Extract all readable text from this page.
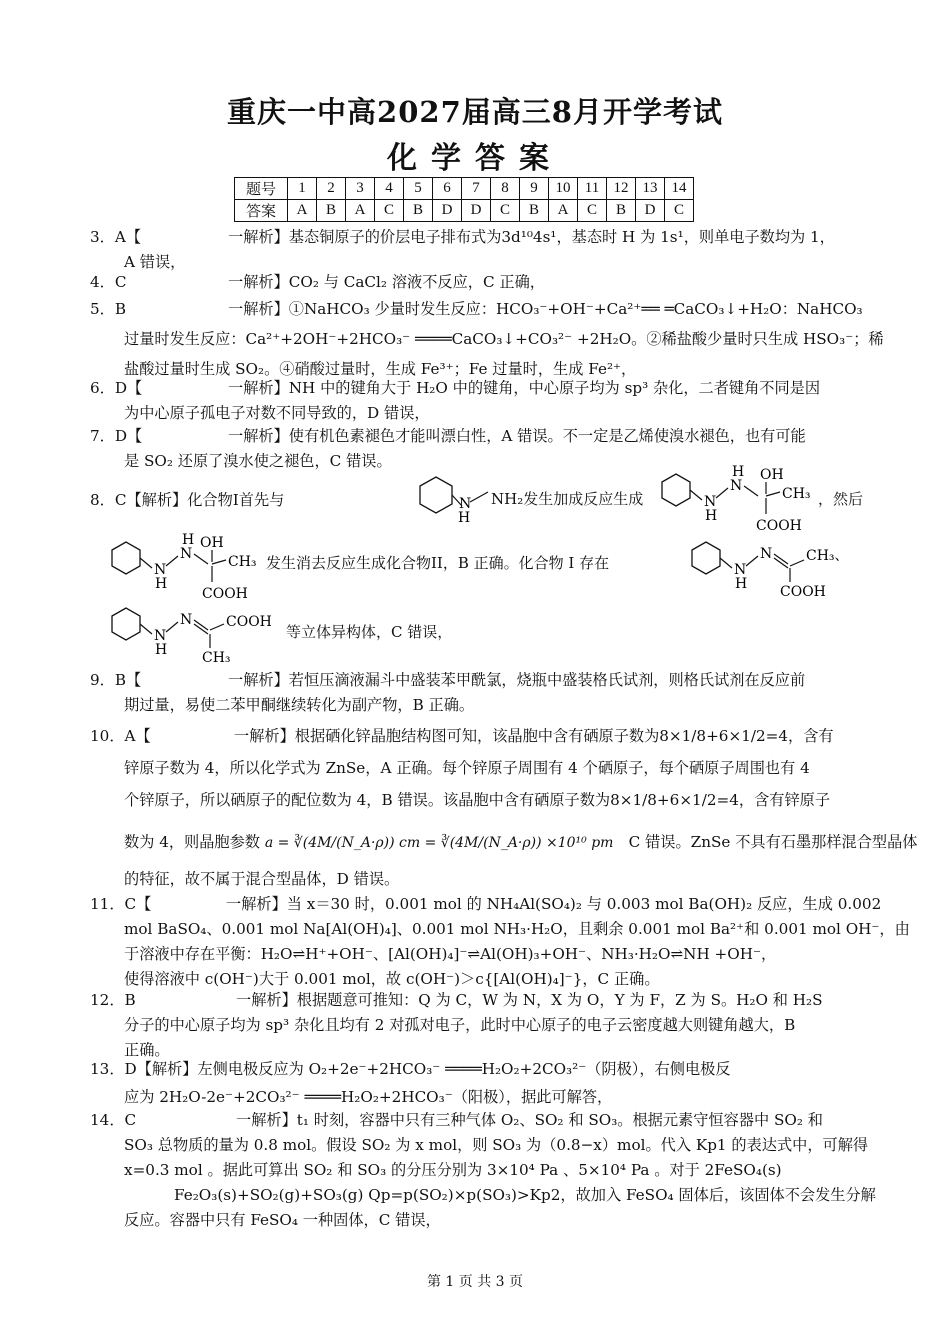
重庆一中高2027届高三8月开学考试
化学答案
题号	1	2	3	4	5	6	7	8	9	10	11	12	13	14
答案	A	B	A	C	B	D	D	C	B	A	C	B	D	C
3．A【	一解析】基态铜原子的价层电子排布式为3d¹⁰4s¹，基态时 H 为 1s¹，则单电子数均为 1，
A 错误，
4．C	一解析】CO₂ 与 CaCl₂ 溶液不反应，C 正确，
5．B	一解析】①NaHCO₃ 少量时发生反应：HCO₃⁻+OH⁻+Ca²⁺══ ═CaCO₃↓+H₂O：NaHCO₃
过量时发生反应：Ca²⁺+2OH⁻+2HCO₃⁻ ════CaCO₃↓+CO₃²⁻ +2H₂O。②稀盐酸少量时只生成 HSO₃⁻；稀
盐酸过量时生成 SO₂。④硝酸过量时，生成 Fe³⁺；Fe 过量时，生成 Fe²⁺，
6．D【	一解析】NH 中的键角大于 H₂O 中的键角，中心原子均为 sp³ 杂化，二者键角不同是因
为中心原子孤电子对数不同导致的，D 错误，
7．D【	一解析】使有机色素褪色才能叫漂白性，A 错误。不一定是乙烯使溴水褪色，也有可能
是 SO₂ 还原了溴水使之褪色，C 错误。
8．C【解析】化合物I首先与	NH₂发生加成反应生成	，然后
发生消去反应生成化合物II，B 正确。化合物 I 存在
等立体异构体，C 错误，
H
N	N
H
N
H OH
CH₃
COOH
N
H
N
H OH
CH₃
COOH
N
H
N CH₃、
COOH
N
H
N COOH
CH₃
9．B【	一解析】若恒压滴液漏斗中盛装苯甲酰氯，烧瓶中盛装格氏试剂，则格氏试剂在反应前
期过量，易使二苯甲酮继续转化为副产物，B 正确。
10．A【	一解析】根据硒化锌晶胞结构图可知，该晶胞中含有硒原子数为8×1/8+6×1/2=4，含有
锌原子数为 4，所以化学式为 ZnSe，A 正确。每个锌原子周围有 4 个硒原子，每个硒原子周围也有 4
个锌原子，所以硒原子的配位数为 4，B 错误。该晶胞中含有硒原子数为8×1/8+6×1/2=4，含有锌原子
数为 4，则晶胞参数 a = ∛(4M/(N_A·ρ)) cm = ∛(4M/(N_A·ρ)) ×10¹⁰ pm　 C 错误。ZnSe 不具有石墨那样混合型晶体
的特征，故不属于混合型晶体，D 错误。
11．C【	一解析】当 x＝30 时，0.001 mol 的 NH₄Al(SO₄)₂ 与 0.003 mol Ba(OH)₂ 反应，生成 0.002
mol BaSO₄、0.001 mol Na[Al(OH)₄]、0.001 mol NH₃·H₂O，且剩余 0.001 mol Ba²⁺和 0.001 mol OH⁻，由
于溶液中存在平衡：H₂O⇌H⁺+OH⁻、[Al(OH)₄]⁻⇌Al(OH)₃+OH⁻、NH₃·H₂O⇌NH +OH⁻，
使得溶液中 c(OH⁻)大于 0.001 mol，故 c(OH⁻)＞c{[Al(OH)₄]⁻}，C 正确。
12．B	一解析】根据题意可推知：Q 为 C，W 为 N，X 为 O，Y 为 F，Z 为 S。H₂O 和 H₂S
分子的中心原子均为 sp³ 杂化且均有 2 对孤对电子，此时中心原子的电子云密度越大则键角越大，B
正确。
13．D【解析】左侧电极反应为 O₂+2e⁻+2HCO₃⁻ ════H₂O₂+2CO₃²⁻（阴极），右侧电极反
应为 2H₂O-2e⁻+2CO₃²⁻ ════H₂O₂+2HCO₃⁻（阳极），据此可解答，
14．C	一解析】t₁ 时刻，容器中只有三种气体 O₂、SO₂ 和 SO₃。根据元素守恒容器中 SO₂ 和
SO₃ 总物质的量为 0.8 mol。假设 SO₂ 为 x mol，则 SO₃ 为（0.8−x）mol。代入 Kp1 的表达式中，可解得
x=0.3 mol 。据此可算出 SO₂ 和 SO₃ 的分压分别为 3×10⁴ Pa 、5×10⁴ Pa 。对于 2FeSO₄(s)
Fe₂O₃(s)+SO₂(g)+SO₃(g) Qp=p(SO₂)×p(SO₃)>Kp2，故加入 FeSO₄ 固体后，该固体不会发生分解
反应。容器中只有 FeSO₄ 一种固体，C 错误，
第 1 页 共 3 页
